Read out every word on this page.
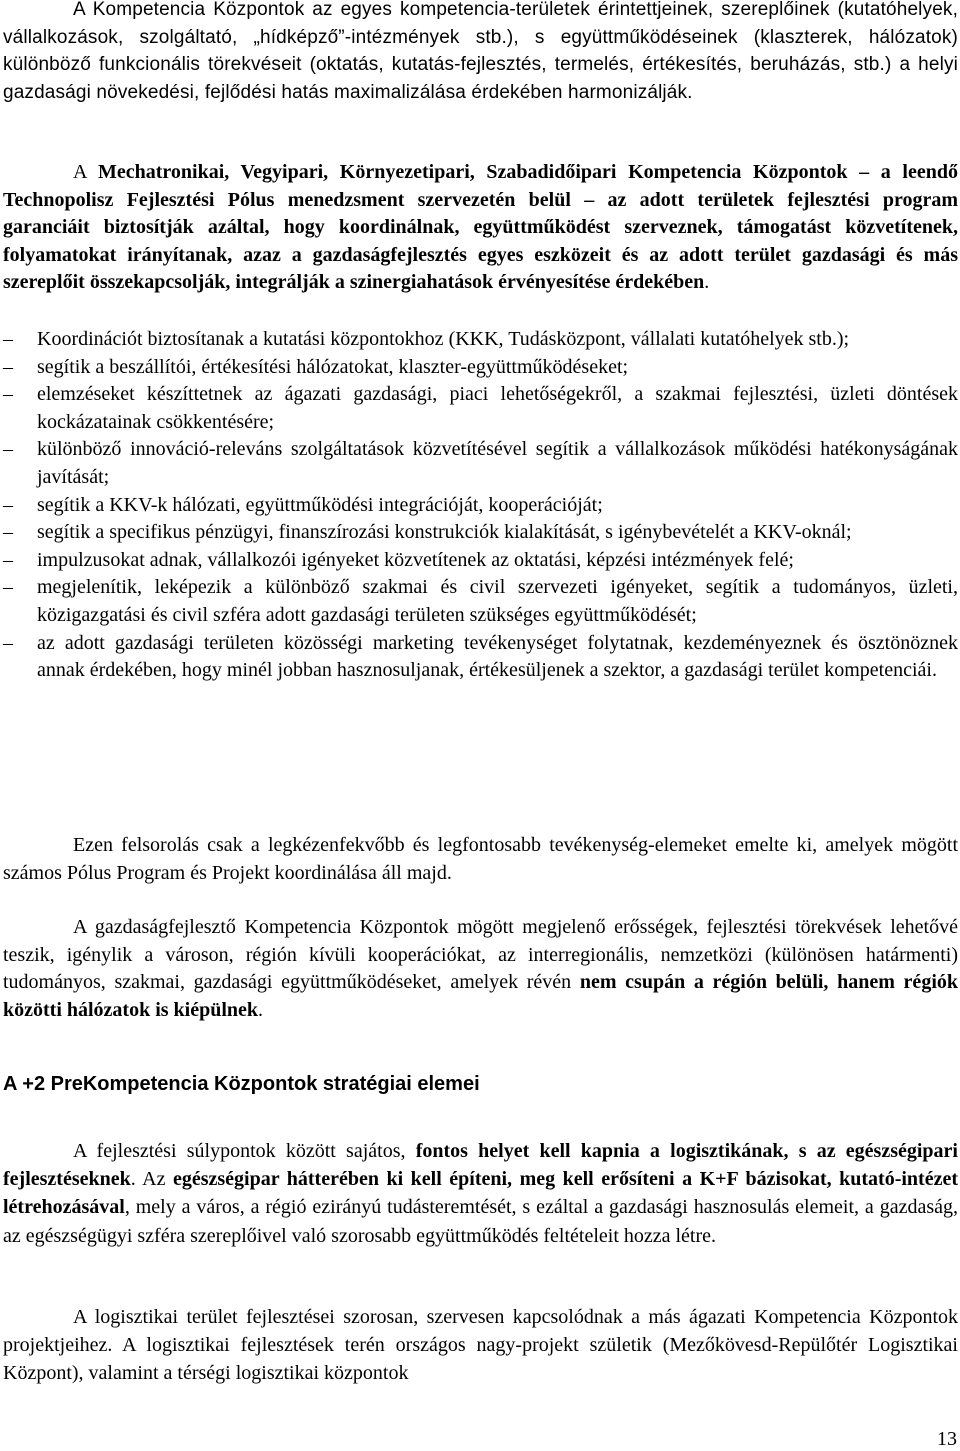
A Kompetencia Központok az egyes kompetencia-területek érintettjeinek, szereplőinek (kutatóhelyek, vállalkozások, szolgáltató, „hídképző”-intézmények stb.), s együttműködéseinek (klaszterek, hálózatok) különböző funkcionális törekvéseit (oktatás, kutatás-fejlesztés, termelés, értékesítés, beruházás, stb.) a helyi gazdasági növekedési, fejlődési hatás maximalizálása érdekében harmonizálják.

A Mechatronikai, Vegyipari, Környezetipari, Szabadidőipari Kompetencia Központok – a leendő Technopolisz Fejlesztési Pólus menedzsment szervezetén belül – az adott területek fejlesztési program garanciáit biztosítják azáltal, hogy koordinálnak, együttműködést szerveznek, támogatást közvetítenek, folyamatokat irányítanak, azaz a gazdaságfejlesztés egyes eszközeit és az adott terület gazdasági és más szereplőit összekapcsolják, integrálják a szinergiahatások érvényesítése érdekében.

– Koordinációt biztosítanak a kutatási központokhoz (KKK, Tudásközpont, vállalati kutatóhelyek stb.);
– segítik a beszállítói, értékesítési hálózatokat, klaszter-együttműködéseket;
– elemzéseket készíttetnek az ágazati gazdasági, piaci lehetőségekről, a szakmai fejlesztési, üzleti döntések kockázatainak csökkentésére;
– különböző innováció-releváns szolgáltatások közvetítésével segítik a vállalkozások működési hatékonyságának javítását;
– segítik a KKV-k hálózati, együttműködési integrációját, kooperációját;
– segítik a specifikus pénzügyi, finanszírozási konstrukciók kialakítását, s igénybevételét a KKV-oknál;
– impulzusokat adnak, vállalkozói igényeket közvetítenek az oktatási, képzési intézmények felé;
– megjelenítik, leképezik a különböző szakmai és civil szervezeti igényeket, segítik a tudományos, üzleti, közigazgatási és civil szféra adott gazdasági területen szükséges együttműködését;
– az adott gazdasági területen közösségi marketing tevékenységet folytatnak, kezdeményeznek és ösztönöznek annak érdekében, hogy minél jobban hasznosuljanak, értékesüljenek a szektor, a gazdasági terület kompetenciái.

Ezen felsorolás csak a legkézenfekvőbb és legfontosabb tevékenység-elemeket emelte ki, amelyek mögött számos Pólus Program és Projekt koordinálása áll majd.

A gazdaságfejlesztő Kompetencia Központok mögött megjelenő erősségek, fejlesztési törekvések lehetővé teszik, igénylik a városon, régión kívüli kooperációkat, az interregionális, nemzetközi (különösen határmenti) tudományos, szakmai, gazdasági együttműködéseket, amelyek révén nem csupán a régión belüli, hanem régiók közötti hálózatok is kiépülnek.

A +2 PreKompetencia Központok stratégiai elemei

A fejlesztési súlypontok között sajátos, fontos helyet kell kapnia a logisztikának, s az egészségipari fejlesztéseknek. Az egészségipar hátterében ki kell építeni, meg kell erősíteni a K+F bázisokat, kutató-intézet létrehozásával, mely a város, a régió ezirányú tudásteremtését, s ezáltal a gazdasági hasznosulás elemeit, a gazdaság, az egészségügyi szféra szereplőivel való szorosabb együttműködés feltételeit hozza létre.

A logisztikai terület fejlesztései szorosan, szervesen kapcsolódnak a más ágazati Kompetencia Központok projektjeihez. A logisztikai fejlesztések terén országos nagy-projekt születik (Mezőkövesd-Repülőtér Logisztikai Központ), valamint a térségi logisztikai központok

13
